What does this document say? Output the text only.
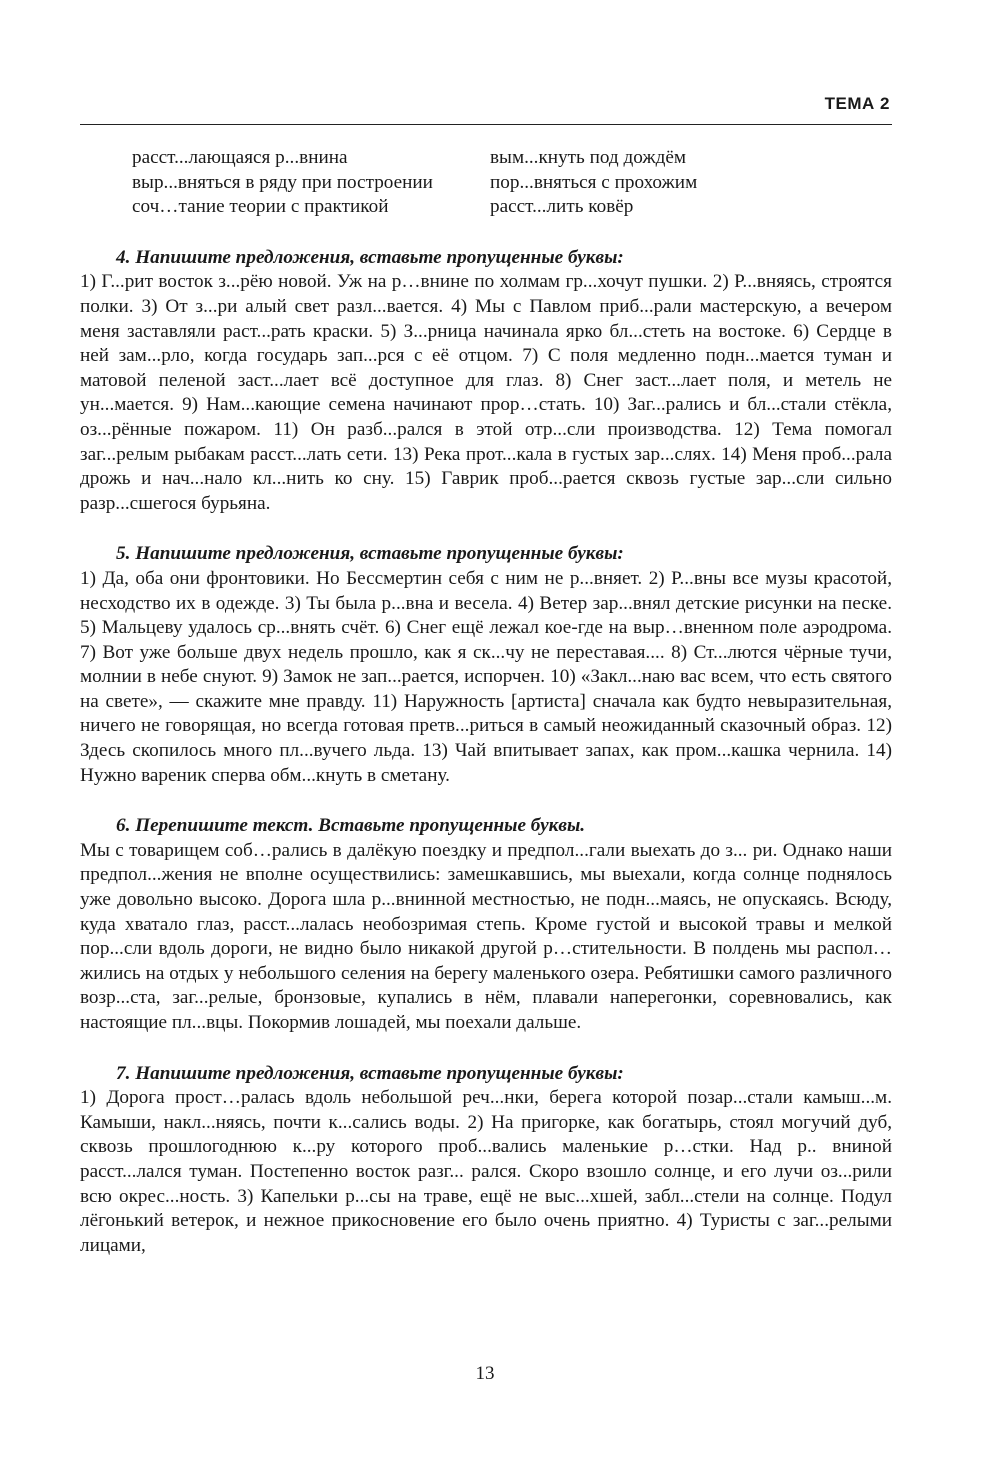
ТЕМА 2
расст...лающаяся р...внина	вым...кнуть под дождём
выр...вняться в ряду при построении	пор...вняться с прохожим
соч…тание теории с практикой	расст...лить ковёр
4. Напишите предложения, вставьте пропущенные буквы:
1) Г...рит восток з...рёю новой. Уж на р…внине по холмам гр...хочут пушки. 2) Р...вняясь, строятся полки. 3) От з...ри алый свет разл...вается. 4) Мы с Павлом приб...рали мастерскую, а вечером меня заставляли раст...рать краски. 5) З...рница начинала ярко бл...стеть на востоке. 6) Сердце в ней зам...рло, когда государь зап...рся с её отцом. 7) С поля медленно подн...мается туман и матовой пеленой заст...лает всё доступное для глаз. 8) Снег заст...лает поля, и метель не ун...мается. 9) Нам...кающие семена начинают прор…стать. 10) Заг...рались и бл...стали стёкла, оз...рённые пожаром. 11) Он разб...рался в этой отр...сли производства. 12) Тема помогал заг...релым рыбакам расст...лать сети. 13) Река прот...кала в густых зар...слях. 14) Меня проб...рала дрожь и нач...нало кл...нить ко сну. 15) Гаврик проб...рается сквозь густые зар...сли сильно разр...сшегося бурьяна.
5. Напишите предложения, вставьте пропущенные буквы:
1) Да, оба они фронтовики. Но Бессмертин себя с ним не р...вняет. 2) Р...вны все музы красотой, несходство их в одежде. 3) Ты была р...вна и весела. 4) Ветер зар...внял детские рисунки на песке. 5) Мальцеву удалось ср...внять счёт. 6) Снег ещё лежал кое-где на выр…вненном поле аэродрома. 7) Вот уже больше двух недель прошло, как я ск...чу не переставая.... 8) Ст...лются чёрные тучи, молнии в небе снуют. 9) Замок не зап...рается, испорчен. 10) «Закл...наю вас всем, что есть святого на свете», — скажите мне правду. 11) Наружность [артиста] сначала как будто невыразительная, ничего не говорящая, но всегда готовая претв...риться в самый неожиданный сказочный образ. 12) Здесь скопилось много пл...вучего льда. 13) Чай впитывает запах, как пром...кашка чернила. 14) Нужно вареник сперва обм...кнуть в сметану.
6. Перепишите текст. Вставьте пропущенные буквы.
Мы с товарищем соб…рались в далёкую поездку и предпол...гали выехать до з... ри. Однако наши предпол...жения не вполне осуществились: замешкавшись, мы выехали, когда солнце поднялось уже довольно высоко. Дорога шла р...внинной местностью, не подн...маясь, не опускаясь. Всюду, куда хватало глаз, расст...лалась необозримая степь. Кроме густой и высокой травы и мелкой пор...сли вдоль дороги, не видно было никакой другой р…стительности. В полдень мы распол…жились на отдых у небольшого селения на берегу маленького озера. Ребятишки самого различного возр...ста, заг...релые, бронзовые, купались в нём, плавали наперегонки, соревновались, как настоящие пл...вцы. Покормив лошадей, мы поехали дальше.
7. Напишите предложения, вставьте пропущенные буквы:
1) Дорога прост…ралась вдоль небольшой реч...нки, берега которой позар...стали камыш...м. Камыши, накл...няясь, почти к...сались воды. 2) На пригорке, как богатырь, стоял могучий дуб, сквозь прошлогоднюю к...ру которого проб...вались маленькие р…стки. Над р.. вниной расст...лался туман. Постепенно восток разг... рался. Скоро взошло солнце, и его лучи оз...рили всю окрес...ность. 3) Капельки р...сы на траве, ещё не выс...хшей, забл...стели на солнце. Подул лёгонький ветерок, и нежное прикосновение его было очень приятно. 4) Туристы с заг...релыми лицами,
13
